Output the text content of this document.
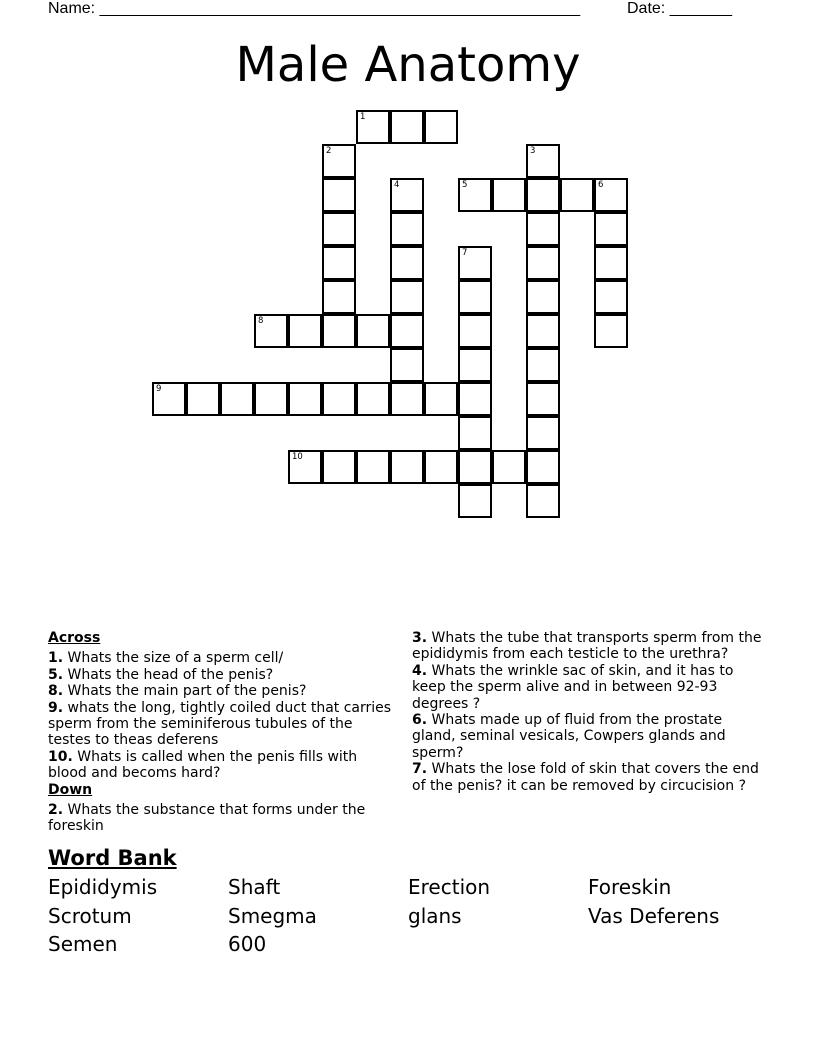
Name: ______________________________________________________	Date: _______
Male Anatomy
1
2	3
4	5	6
7
8
9
10

Across

1. Whats the size of a sperm cell/

5. Whats the head of the penis?

8. Whats the main part of the penis?

9. whats the long, tightly coiled duct that carries sperm from the seminiferous tubules of the testes to theas deferens

10. Whats is called when the penis fills with blood and becoms hard?

Down

2. Whats the substance that forms under the foreskin

3. Whats the tube that transports sperm from the epididymis from each testicle to the urethra?

4. Whats the wrinkle sac of skin, and it has to keep the sperm alive and in between 92-93 degrees ?

6. Whats made up of fluid from the prostate gland, seminal vesicals, Cowpers glands and sperm?

7. Whats the lose fold of skin that covers the end of the penis? it can be removed by circucision ?

Word Bank
Epididymis	Shaft	Erection	Foreskin
Scrotum	Smegma	glans	Vas Deferens
Semen	600
